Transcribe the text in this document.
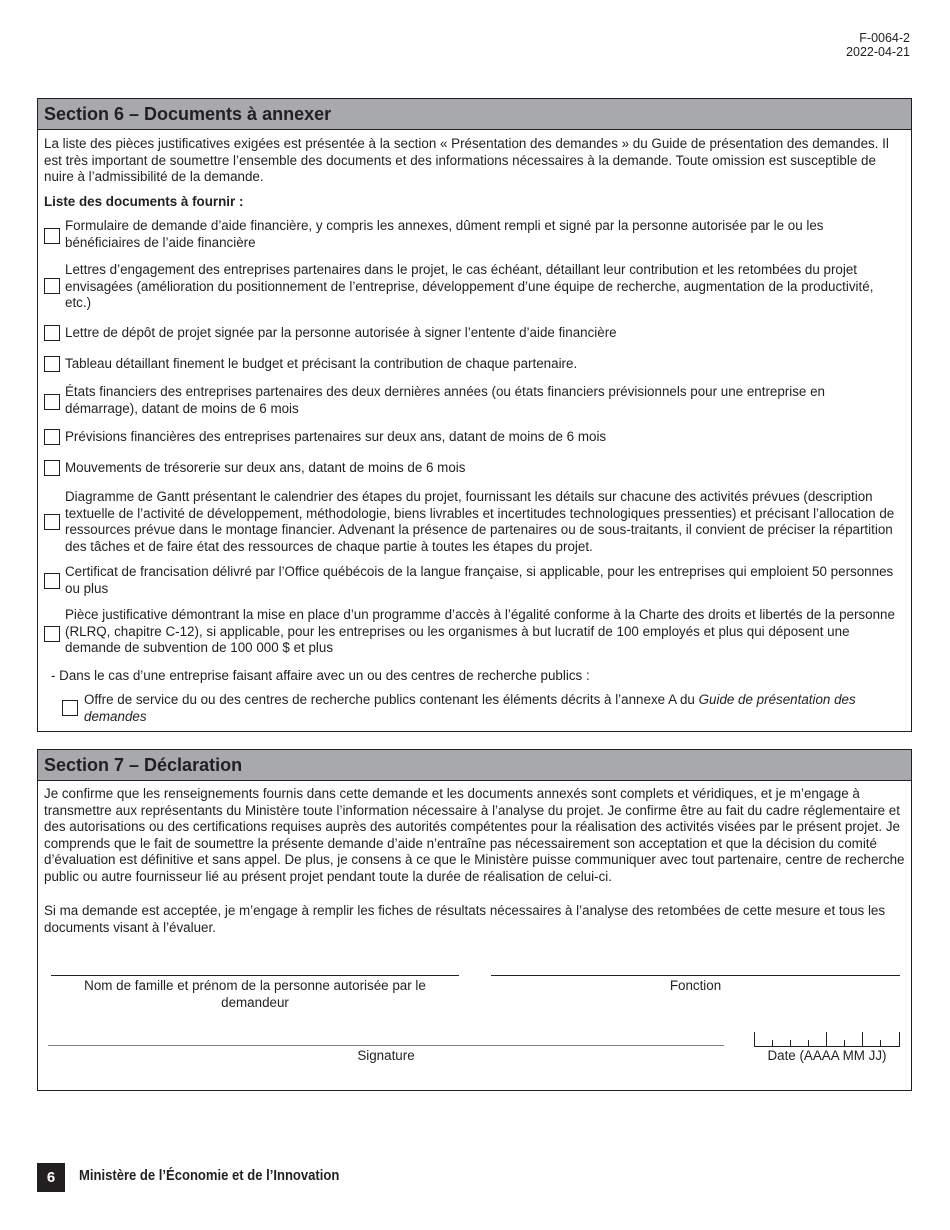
F-0064-2
2022-04-21
Section 6 – Documents à annexer
La liste des pièces justificatives exigées est présentée à la section « Présentation des demandes » du Guide de présentation des demandes. Il est très important de soumettre l’ensemble des documents et des informations nécessaires à la demande. Toute omission est susceptible de nuire à l’admissibilité de la demande.
Liste des documents à fournir :
Formulaire de demande d’aide financière, y compris les annexes, dûment rempli et signé par la personne autorisée par le ou les bénéficiaires de l’aide financière
Lettres d’engagement des entreprises partenaires dans le projet, le cas échéant, détaillant leur contribution et les retombées du projet envisagées (amélioration du positionnement de l’entreprise, développement d’une équipe de recherche, augmentation de la productivité, etc.)
Lettre de dépôt de projet signée par la personne autorisée à signer l’entente d’aide financière
Tableau détaillant finement le budget et précisant la contribution de chaque partenaire.
États financiers des entreprises partenaires des deux dernières années (ou états financiers prévisionnels pour une entreprise en démarrage), datant de moins de 6 mois
Prévisions financières des entreprises partenaires sur deux ans, datant de moins de 6 mois
Mouvements de trésorerie sur deux ans, datant de moins de 6 mois
Diagramme de Gantt présentant le calendrier des étapes du projet, fournissant les détails sur chacune des activités prévues (description textuelle de l’activité de développement, méthodologie, biens livrables et incertitudes technologiques pressenties) et précisant l’allocation de ressources prévue dans le montage financier. Advenant la présence de partenaires ou de sous-traitants, il convient de préciser la répartition des tâches et de faire état des ressources de chaque partie à toutes les étapes du projet.
Certificat de francisation délivré par l’Office québécois de la langue française, si applicable, pour les entreprises qui emploient 50 personnes ou plus
Pièce justificative démontrant la mise en place d’un programme d’accès à l’égalité conforme à la Charte des droits et libertés de la personne (RLRQ, chapitre C-12), si applicable, pour les entreprises ou les organismes à but lucratif de 100 employés et plus qui déposent une demande de subvention de 100 000 $ et plus
- Dans le cas d’une entreprise faisant affaire avec un ou des centres de recherche publics :
Offre de service du ou des centres de recherche publics contenant les éléments décrits à l’annexe A du Guide de présentation des demandes
Section 7 – Déclaration
Je confirme que les renseignements fournis dans cette demande et les documents annexés sont complets et véridiques, et je m’engage à transmettre aux représentants du Ministère toute l’information nécessaire à l’analyse du projet. Je confirme être au fait du cadre réglementaire et des autorisations ou des certifications requises auprès des autorités compétentes pour la réalisation des activités visées par le présent projet. Je comprends que le fait de soumettre la présente demande d’aide n’entraîne pas nécessairement son acceptation et que la décision du comité d’évaluation est définitive et sans appel. De plus, je consens à ce que le Ministère puisse communiquer avec tout partenaire, centre de recherche public ou autre fournisseur lié au présent projet pendant toute la durée de réalisation de celui-ci.
Si ma demande est acceptée, je m’engage à remplir les fiches de résultats nécessaires à l’analyse des retombées de cette mesure et tous les documents visant à l’évaluer.
Nom de famille et prénom de la personne autorisée par le demandeur
Fonction
Signature	Date (AAAA MM JJ)
6	Ministère de l’Économie et de l’Innovation
